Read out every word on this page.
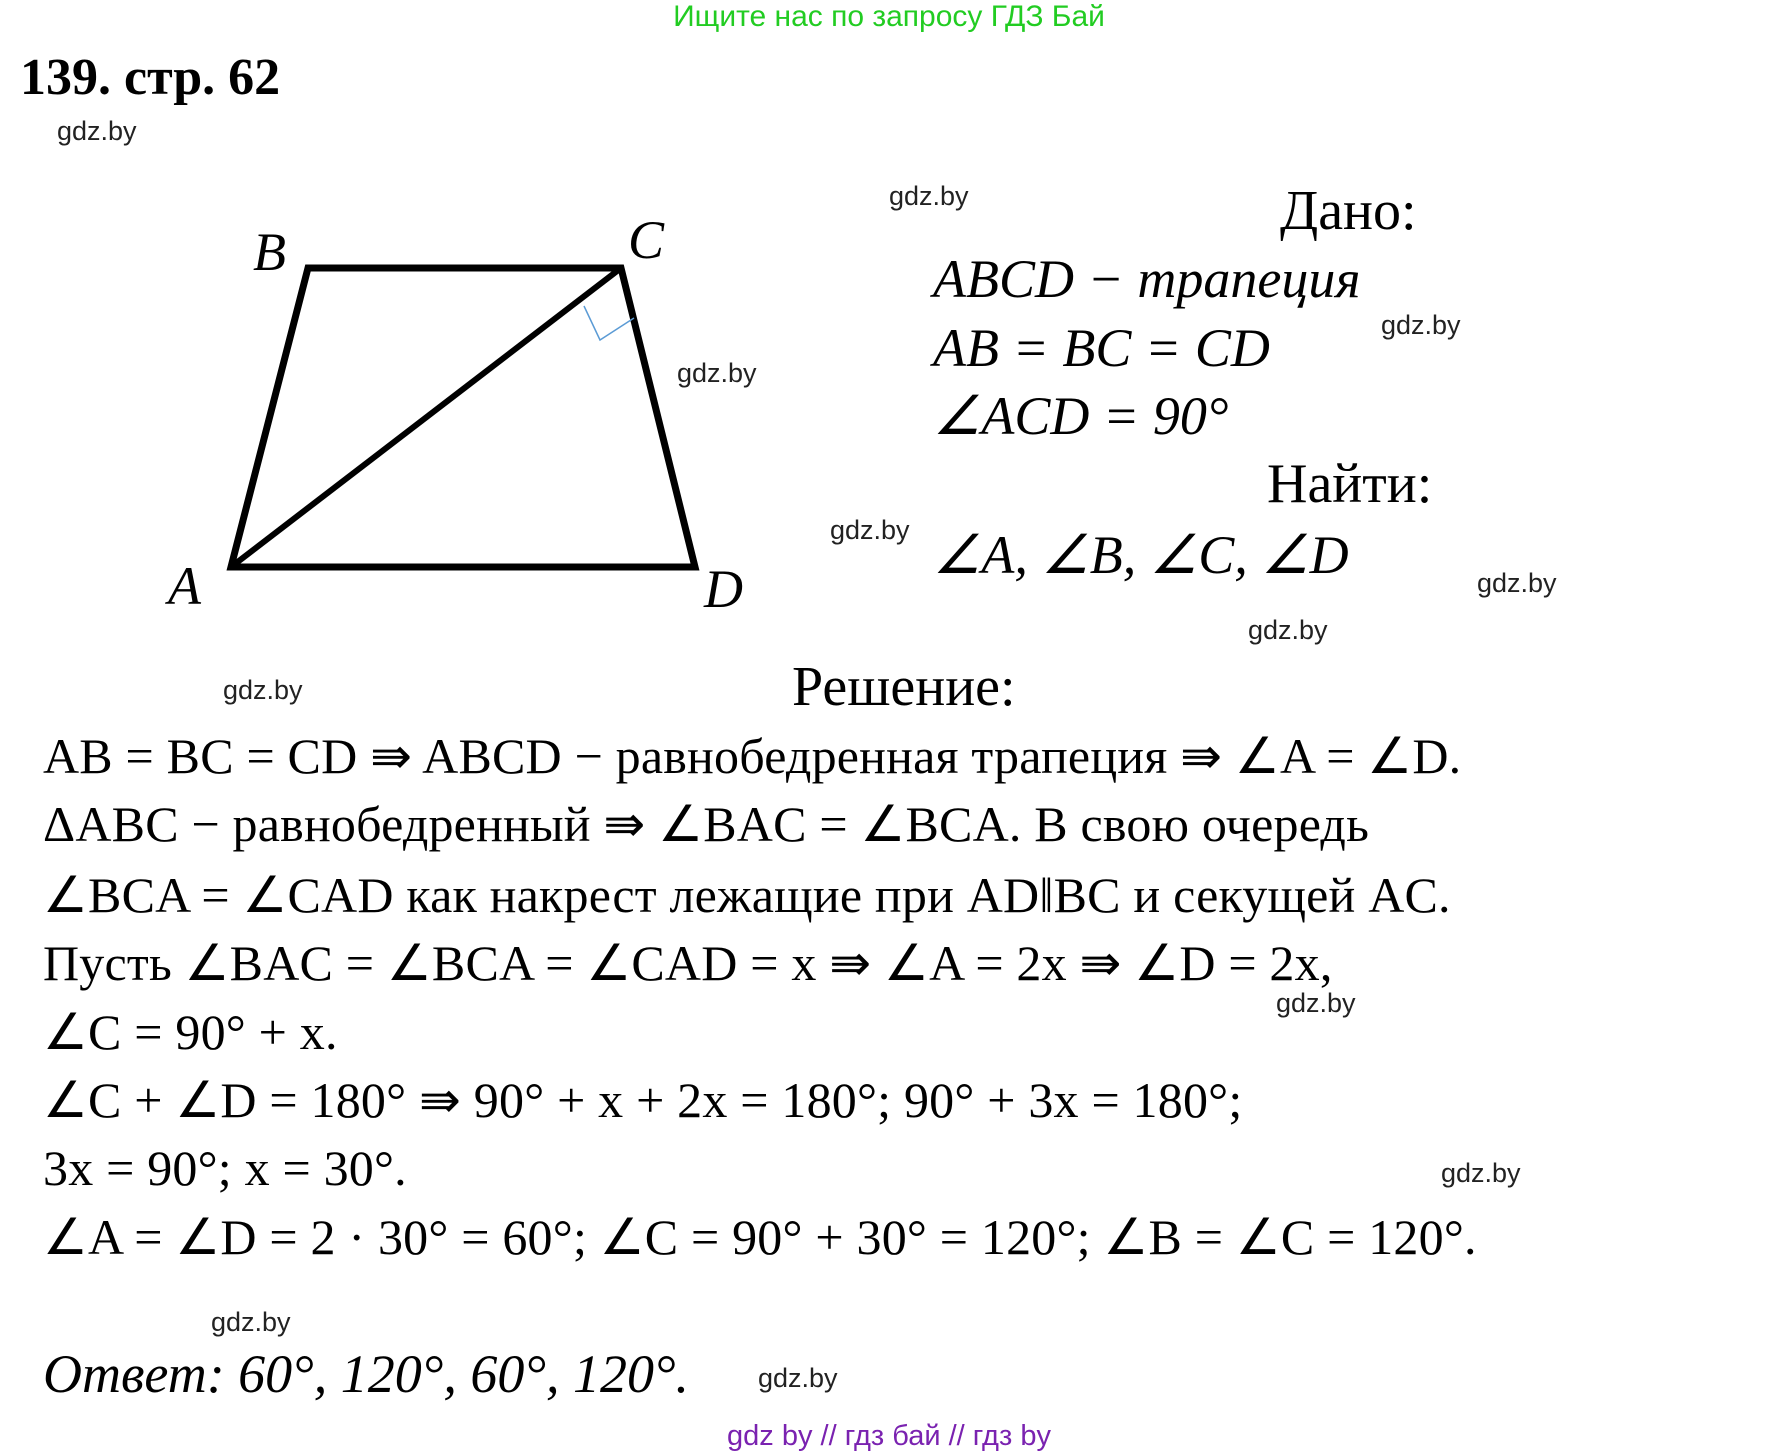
Ищите нас по запросу ГДЗ Бай
139. стр. 62
B	C
A	D
Дано:
ABCD − трапеция
AB = BC = CD
∠ACD = 90°
Найти:
∠A, ∠B, ∠C, ∠D
Решение:
AB = BC = CD ⇛ ABCD − равнобедренная трапеция ⇛ ∠A = ∠D.
ΔABC − равнобедренный ⇛ ∠BAC = ∠BCA. В свою очередь
∠BCA = ∠CAD как накрест лежащие при AD‖BC и секущей AC.
Пусть ∠BAC = ∠BCA = ∠CAD = x ⇛ ∠A = 2x ⇛ ∠D = 2x,
∠C = 90° + x.
∠C + ∠D = 180° ⇛ 90° + x + 2x = 180°; 90° + 3x = 180°;
3x = 90°; x = 30°.
∠A = ∠D = 2 · 30° = 60°; ∠C = 90° + 30° = 120°; ∠B = ∠C = 120°.
Ответ: 60°, 120°, 60°, 120°.
gdz.by
gdz.by
gdz.by
gdz.by
gdz.by
gdz.by
gdz.by
gdz.by
gdz.by
gdz.by
gdz.by
gdz.by
gdz by // гдз бай // гдз by
